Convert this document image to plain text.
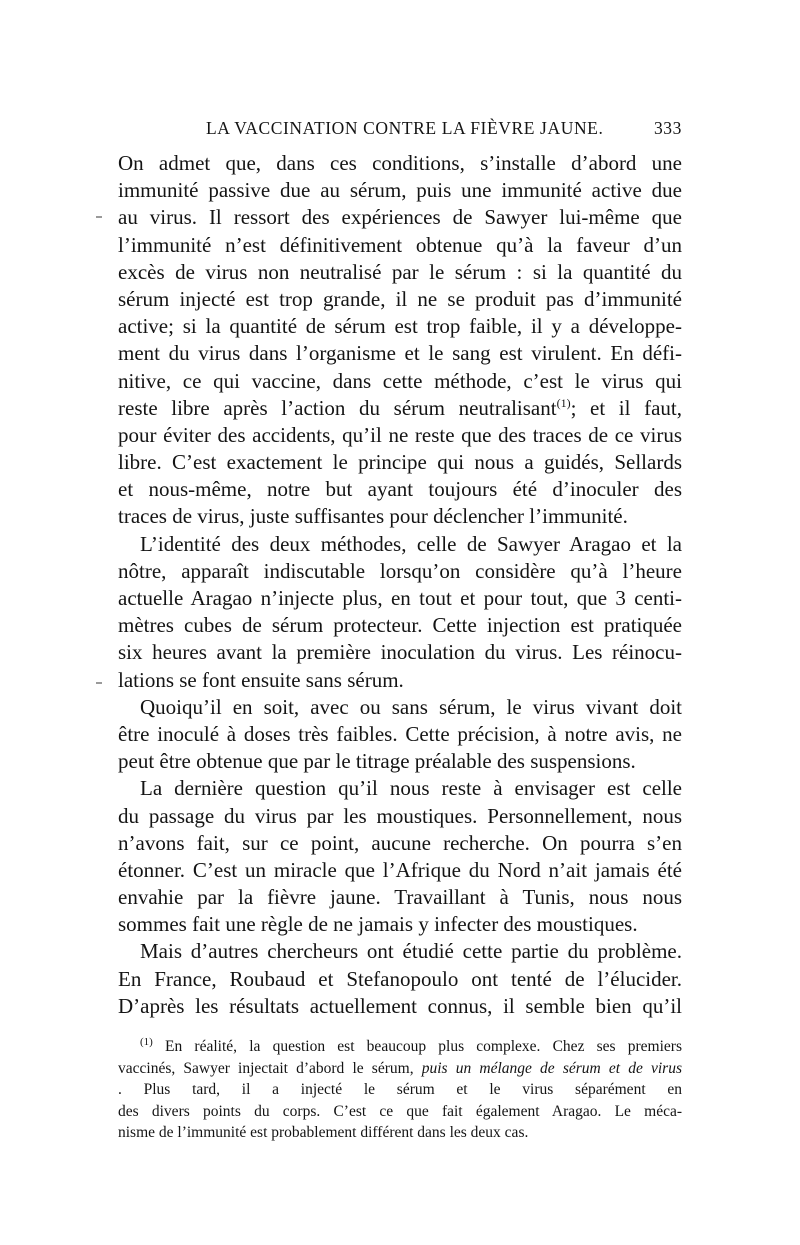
LA VACCINATION CONTRE LA FIÈVRE JAUNE.	333
On admet que, dans ces conditions, s’installe d’abord une
immunité passive due au sérum, puis une immunité active due
au virus. Il ressort des expériences de Sawyer lui-même que
l’immunité n’est définitivement obtenue qu’à la faveur d’un
excès de virus non neutralisé par le sérum : si la quantité du
sérum injecté est trop grande, il ne se produit pas d’immunité
active; si la quantité de sérum est trop faible, il y a développe-
ment du virus dans l’organisme et le sang est virulent. En défi-
nitive, ce qui vaccine, dans cette méthode, c’est le virus qui
reste libre après l’action du sérum neutralisant$^{(1)}$; et il faut,
pour éviter des accidents, qu’il ne reste que des traces de ce virus
libre. C’est exactement le principe qui nous a guidés, Sellards
et nous-même, notre but ayant toujours été d’inoculer des
traces de virus, juste suffisantes pour déclencher l’immunité.
L’identité des deux méthodes, celle de Sawyer Aragao et la
nôtre, apparaît indiscutable lorsqu’on considère qu’à l’heure
actuelle Aragao n’injecte plus, en tout et pour tout, que 3 centi-
mètres cubes de sérum protecteur. Cette injection est pratiquée
six heures avant la première inoculation du virus. Les réinocu-
lations se font ensuite sans sérum.
Quoiqu’il en soit, avec ou sans sérum, le virus vivant doit
être inoculé à doses très faibles. Cette précision, à notre avis, ne
peut être obtenue que par le titrage préalable des suspensions.
La dernière question qu’il nous reste à envisager est celle
du passage du virus par les moustiques. Personnellement, nous
n’avons fait, sur ce point, aucune recherche. On pourra s’en
étonner. C’est un miracle que l’Afrique du Nord n’ait jamais été
envahie par la fièvre jaune. Travaillant à Tunis, nous nous
sommes fait une règle de ne jamais y infecter des moustiques.
Mais d’autres chercheurs ont étudié cette partie du problème.
En France, Roubaud et Stefanopoulo ont tenté de l’élucider.
D’après les résultats actuellement connus, il semble bien qu’il
$^{(1)}$ En réalité, la question est beaucoup plus complexe. Chez ses premiers
vaccinés, Sawyer injectait d’abord le sérum, puis un mélange de sérum et de virus
. Plus tard, il a injecté le sérum et le virus séparément en
des divers points du corps. C’est ce que fait également Aragao. Le méca-
nisme de l’immunité est probablement différent dans les deux cas.
